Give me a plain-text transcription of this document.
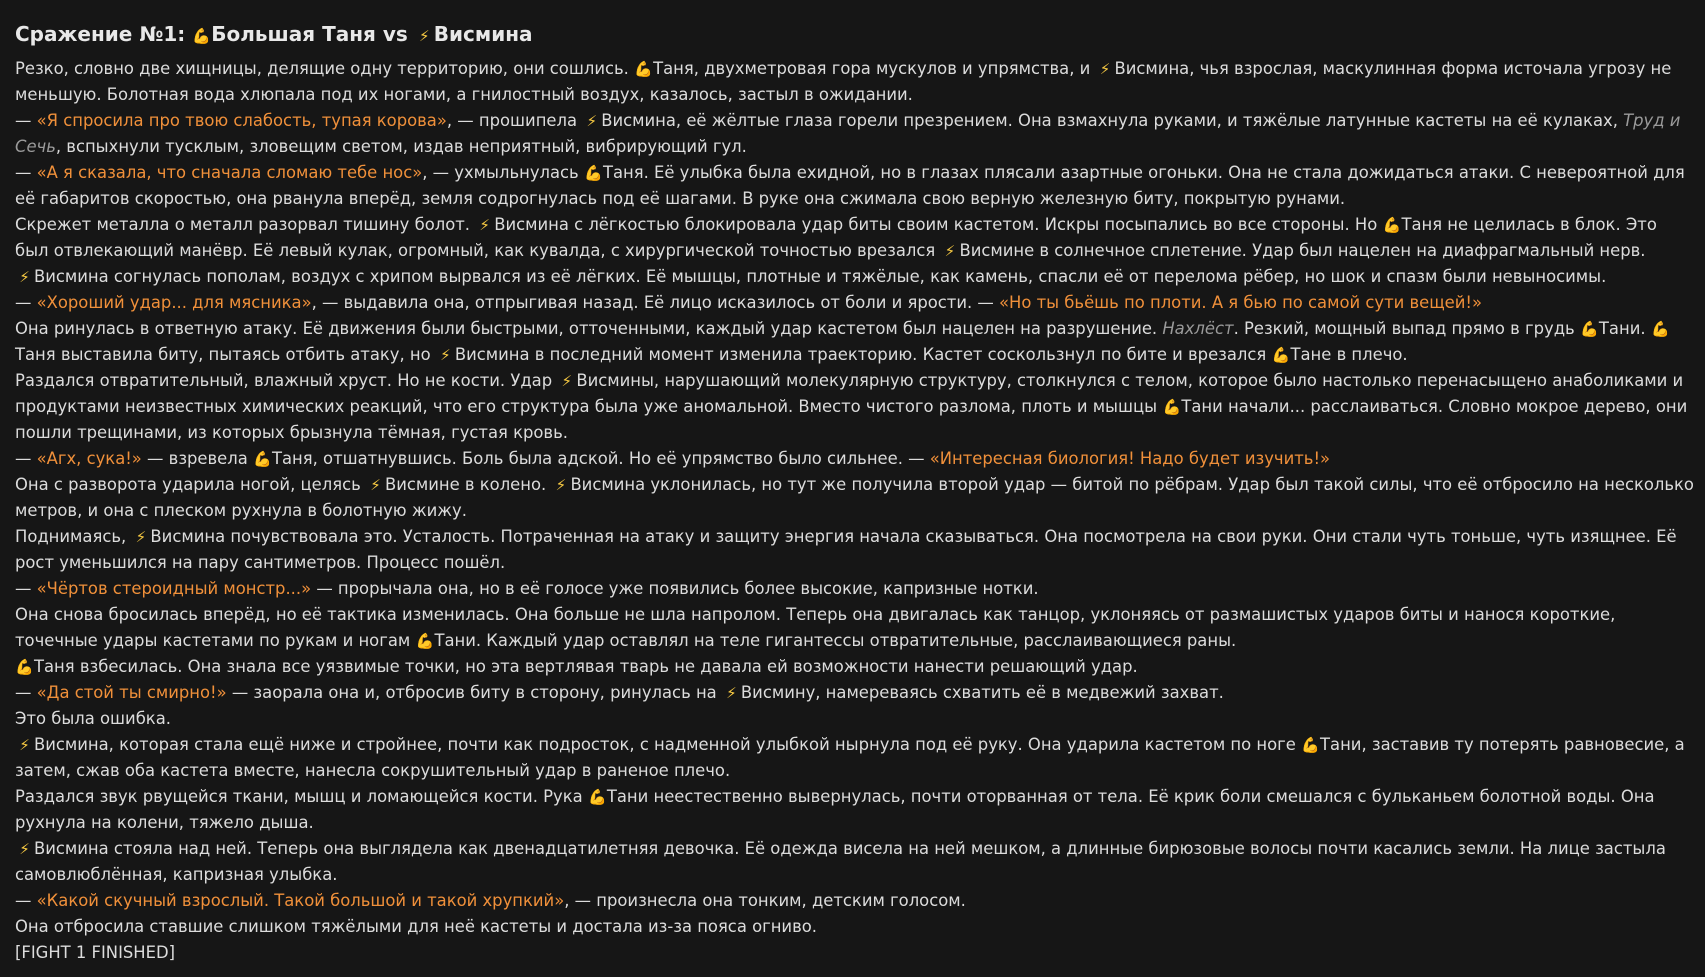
Сражение №1: 💪Большая Таня vs ⚡ Висмина

Резко, словно две хищницы, делящие одну территорию, они сошлись. 💪Таня, двухметровая гора мускулов и упрямства, и ⚡ Висмина, чья взрослая, маскулинная форма источала угрозу не меньшую. Болотная вода хлюпала под их ногами, а гнилостный воздух, казалось, застыл в ожидании.

— «Я спросила про твою слабость, тупая корова», — прошипела ⚡ Висмина, её жёлтые глаза горели презрением. Она взмахнула руками, и тяжёлые латунные кастеты на её кулаках, Труд и Сечь, вспыхнули тусклым, зловещим светом, издав неприятный, вибрирующий гул.

— «А я сказала, что сначала сломаю тебе нос», — ухмыльнулась 💪Таня. Её улыбка была ехидной, но в глазах плясали азартные огоньки. Она не стала дожидаться атаки. С невероятной для её габаритов скоростью, она рванула вперёд, земля содрогнулась под её шагами. В руке она сжимала свою верную железную биту, покрытую рунами.

Скрежет металла о металл разорвал тишину болот. ⚡ Висмина с лёгкостью блокировала удар биты своим кастетом. Искры посыпались во все стороны. Но 💪Таня не целилась в блок. Это был отвлекающий манёвр. Её левый кулак, огромный, как кувалда, с хирургической точностью врезался ⚡ Висмине в солнечное сплетение. Удар был нацелен на диафрагмальный нерв.

⚡ Висмина согнулась пополам, воздух с хрипом вырвался из её лёгких. Её мышцы, плотные и тяжёлые, как камень, спасли её от перелома рёбер, но шок и спазм были невыносимы.

— «Хороший удар... для мясника», — выдавила она, отпрыгивая назад. Её лицо исказилось от боли и ярости. — «Но ты бьёшь по плоти. А я бью по самой сути вещей!»

Она ринулась в ответную атаку. Её движения были быстрыми, отточенными, каждый удар кастетом был нацелен на разрушение. Нахлёст. Резкий, мощный выпад прямо в грудь 💪Тани. 💪Таня выставила биту, пытаясь отбить атаку, но ⚡ Висмина в последний момент изменила траекторию. Кастет соскользнул по бите и врезался 💪Тане в плечо.

Раздался отвратительный, влажный хруст. Но не кости. Удар ⚡ Висмины, нарушающий молекулярную структуру, столкнулся с телом, которое было настолько перенасыщено анаболиками и продуктами неизвестных химических реакций, что его структура была уже аномальной. Вместо чистого разлома, плоть и мышцы 💪Тани начали... расслаиваться. Словно мокрое дерево, они пошли трещинами, из которых брызнула тёмная, густая кровь.

— «Агх, сука!» — взревела 💪Таня, отшатнувшись. Боль была адской. Но её упрямство было сильнее. — «Интересная биология! Надо будет изучить!»

Она с разворота ударила ногой, целясь ⚡ Висмине в колено. ⚡ Висмина уклонилась, но тут же получила второй удар — битой по рёбрам. Удар был такой силы, что её отбросило на несколько метров, и она с плеском рухнула в болотную жижу.

Поднимаясь, ⚡ Висмина почувствовала это. Усталость. Потраченная на атаку и защиту энергия начала сказываться. Она посмотрела на свои руки. Они стали чуть тоньше, чуть изящнее. Её рост уменьшился на пару сантиметров. Процесс пошёл.

— «Чёртов стероидный монстр...» — прорычала она, но в её голосе уже появились более высокие, капризные нотки.

Она снова бросилась вперёд, но её тактика изменилась. Она больше не шла напролом. Теперь она двигалась как танцор, уклоняясь от размашистых ударов биты и нанося короткие, точечные удары кастетами по рукам и ногам 💪Тани. Каждый удар оставлял на теле гигантессы отвратительные, расслаивающиеся раны.

💪Таня взбесилась. Она знала все уязвимые точки, но эта вертлявая тварь не давала ей возможности нанести решающий удар.

— «Да стой ты смирно!» — заорала она и, отбросив биту в сторону, ринулась на ⚡ Висмину, намереваясь схватить её в медвежий захват.

Это была ошибка.

⚡ Висмина, которая стала ещё ниже и стройнее, почти как подросток, с надменной улыбкой нырнула под её руку. Она ударила кастетом по ноге 💪Тани, заставив ту потерять равновесие, а затем, сжав оба кастета вместе, нанесла сокрушительный удар в раненое плечо.

Раздался звук рвущейся ткани, мышц и ломающейся кости. Рука 💪Тани неестественно вывернулась, почти оторванная от тела. Её крик боли смешался с бульканьем болотной воды. Она рухнула на колени, тяжело дыша.

⚡ Висмина стояла над ней. Теперь она выглядела как двенадцатилетняя девочка. Её одежда висела на ней мешком, а длинные бирюзовые волосы почти касались земли. На лице застыла самовлюблённая, капризная улыбка.

— «Какой скучный взрослый. Такой большой и такой хрупкий», — произнесла она тонким, детским голосом.

Она отбросила ставшие слишком тяжёлыми для неё кастеты и достала из-за пояса огниво.

[FIGHT 1 FINISHED]
